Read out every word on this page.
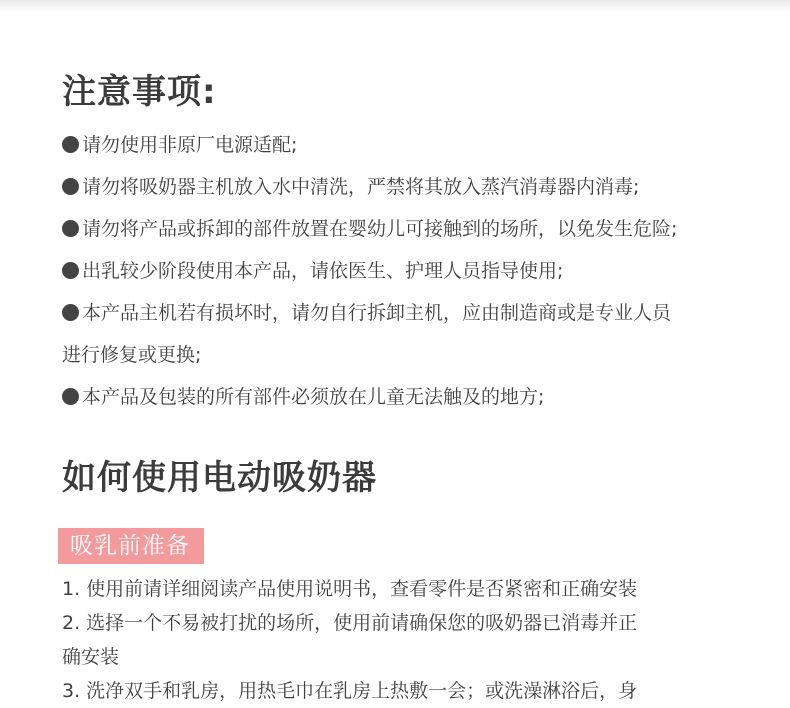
注意事项:
请勿使用非原厂电源适配;
请勿将吸奶器主机放入水中清洗，严禁将其放入蒸汽消毒器内消毒;
请勿将产品或拆卸的部件放置在婴幼儿可接触到的场所，以免发生危险;
出乳较少阶段使用本产品，请依医生、护理人员指导使用;
本产品主机若有损坏时，请勿自行拆卸主机，应由制造商或是专业人员
进行修复或更换;
本产品及包装的所有部件必须放在儿童无法触及的地方;
如何使用电动吸奶器
吸乳前准备
1. 使用前请详细阅读产品使用说明书，查看零件是否紧密和正确安装
2. 选择一个不易被打扰的场所，使用前请确保您的吸奶器已消毒并正
确安装
3. 洗净双手和乳房，用热毛巾在乳房上热敷一会；或洗澡淋浴后，身
